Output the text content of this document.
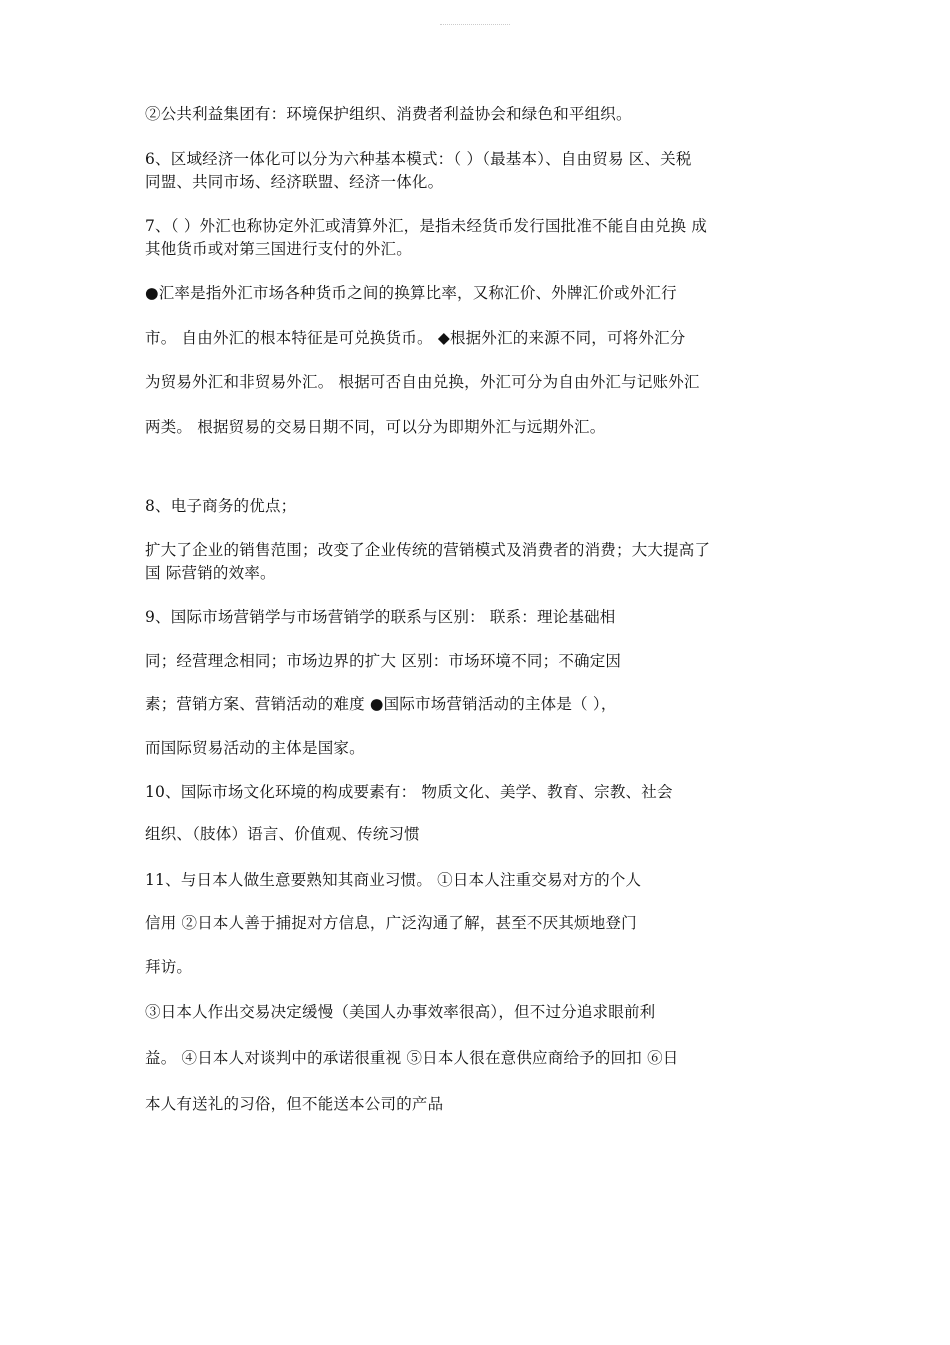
②公共利益集团有：环境保护组织、消费者利益协会和绿色和平组织。
6、区域经济一体化可以分为六种基本模式：（ ）（最基本）、自由贸易 区、关税
同盟、共同市场、经济联盟、经济一体化。
7、（ ）外汇也称协定外汇或清算外汇，是指未经货币发行国批准不能自由兑换 成
其他货币或对第三国进行支付的外汇。
●汇率是指外汇市场各种货币之间的换算比率，又称汇价、外牌汇价或外汇行
市。 自由外汇的根本特征是可兑换货币。 ◆根据外汇的来源不同，可将外汇分
为贸易外汇和非贸易外汇。 根据可否自由兑换，外汇可分为自由外汇与记账外汇
两类。 根据贸易的交易日期不同，可以分为即期外汇与远期外汇。
8、电子商务的优点；
扩大了企业的销售范围；改变了企业传统的营销模式及消费者的消费；大大提高了
国 际营销的效率。
9、国际市场营销学与市场营销学的联系与区别： 联系：理论基础相
同；经营理念相同；市场边界的扩大 区别：市场环境不同；不确定因
素；营销方案、营销活动的难度 ●国际市场营销活动的主体是（ ），
而国际贸易活动的主体是国家。
10、国际市场文化环境的构成要素有： 物质文化、美学、教育、宗教、社会
组织、（肢体）语言、价值观、传统习惯
11、与日本人做生意要熟知其商业习惯。 ①日本人注重交易对方的个人
信用 ②日本人善于捕捉对方信息，广泛沟通了解，甚至不厌其烦地登门
拜访。
③日本人作出交易决定缓慢（美国人办事效率很高），但不过分追求眼前利
益。 ④日本人对谈判中的承诺很重视 ⑤日本人很在意供应商给予的回扣 ⑥日
本人有送礼的习俗，但不能送本公司的产品
